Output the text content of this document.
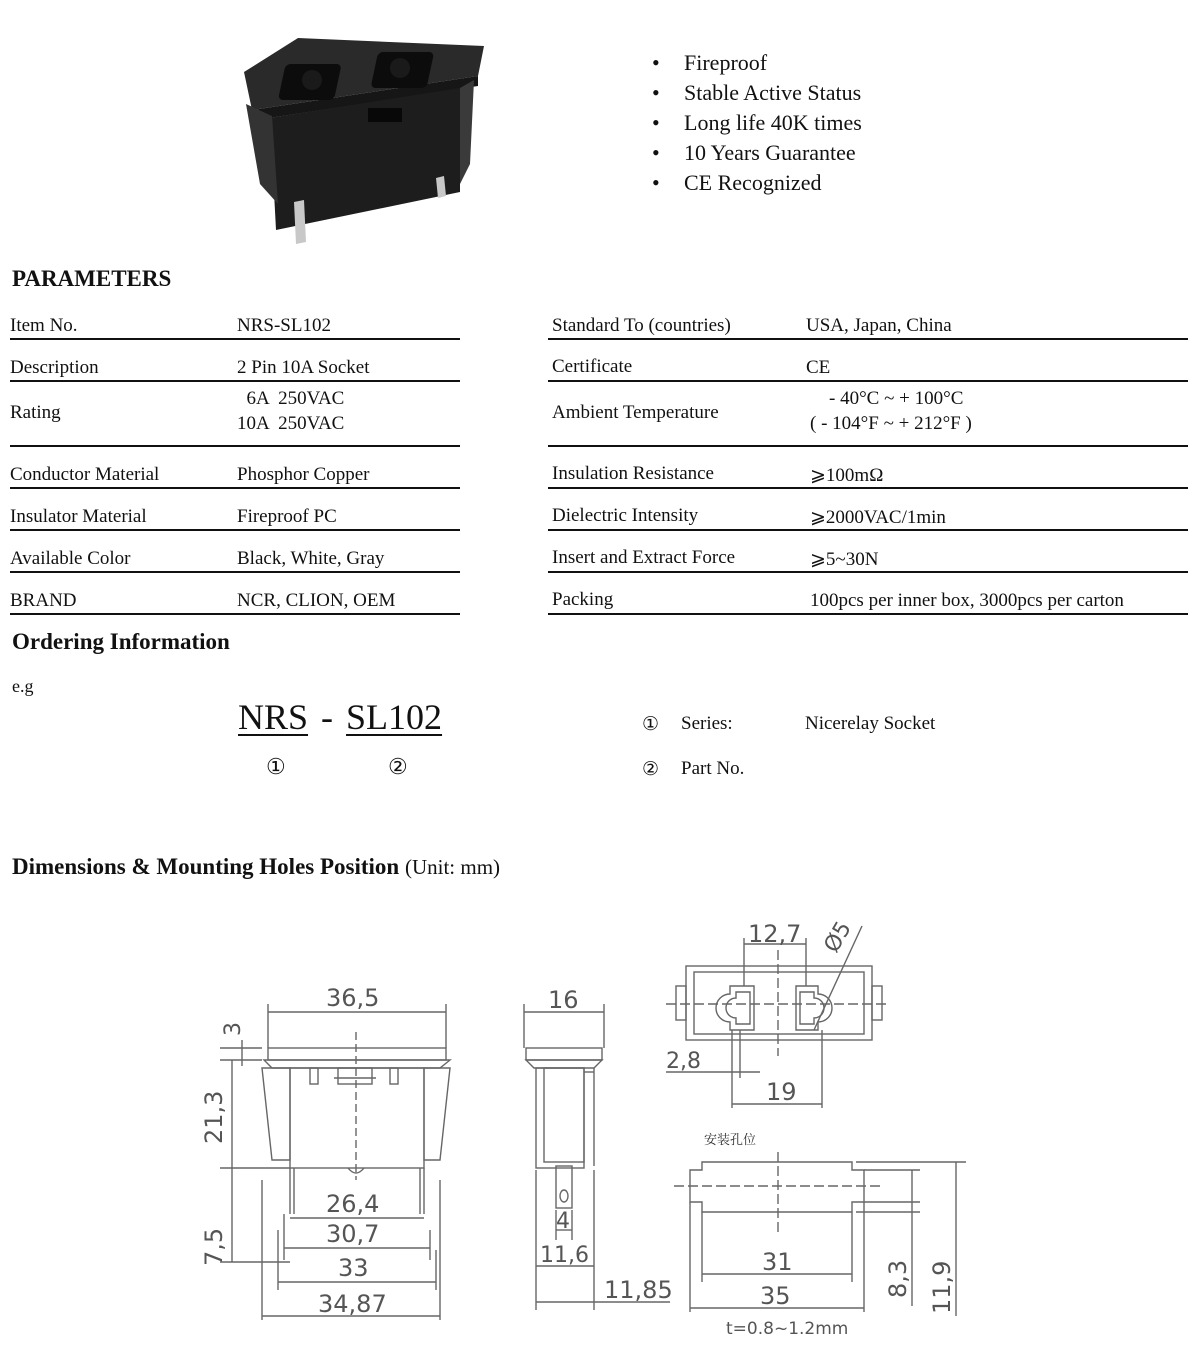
• Fireproof
• Stable Active Status
• Long life 40K times
• 10 Years Guarantee
• CE Recognized
PARAMETERS
Item No.	NRS-SL102
Description	2 Pin 10A Socket
Rating
6A  250VAC
10A  250VAC
Conductor Material	Phosphor Copper
Insulator Material	Fireproof PC
Available Color	Black, White, Gray
BRAND	NCR, CLION, OEM
Standard To (countries)	USA, Japan, China
Certificate	CE
Ambient Temperature
- 40°C ~ + 100°C
( - 104°F ~ + 212°F )
Insulation Resistance	⩾100mΩ
Dielectric Intensity	⩾2000VAC/1min
Insert and Extract Force	⩾5~30N
Packing	100pcs per inner box, 3000pcs per carton
Ordering Information
e.g
NRS - SL102
①	②
① Series:	Nicerelay Socket
② Part No.
Dimensions & Mounting Holes Position (Unit: mm)
36,5
3
21,3
7,5
26,4
30,7
33
34,87
16
4
11,6
11,85
12,7 Ø5
2,8
19
安装孔位
31
35	8,3 11,9
t=0.8~1.2mm
